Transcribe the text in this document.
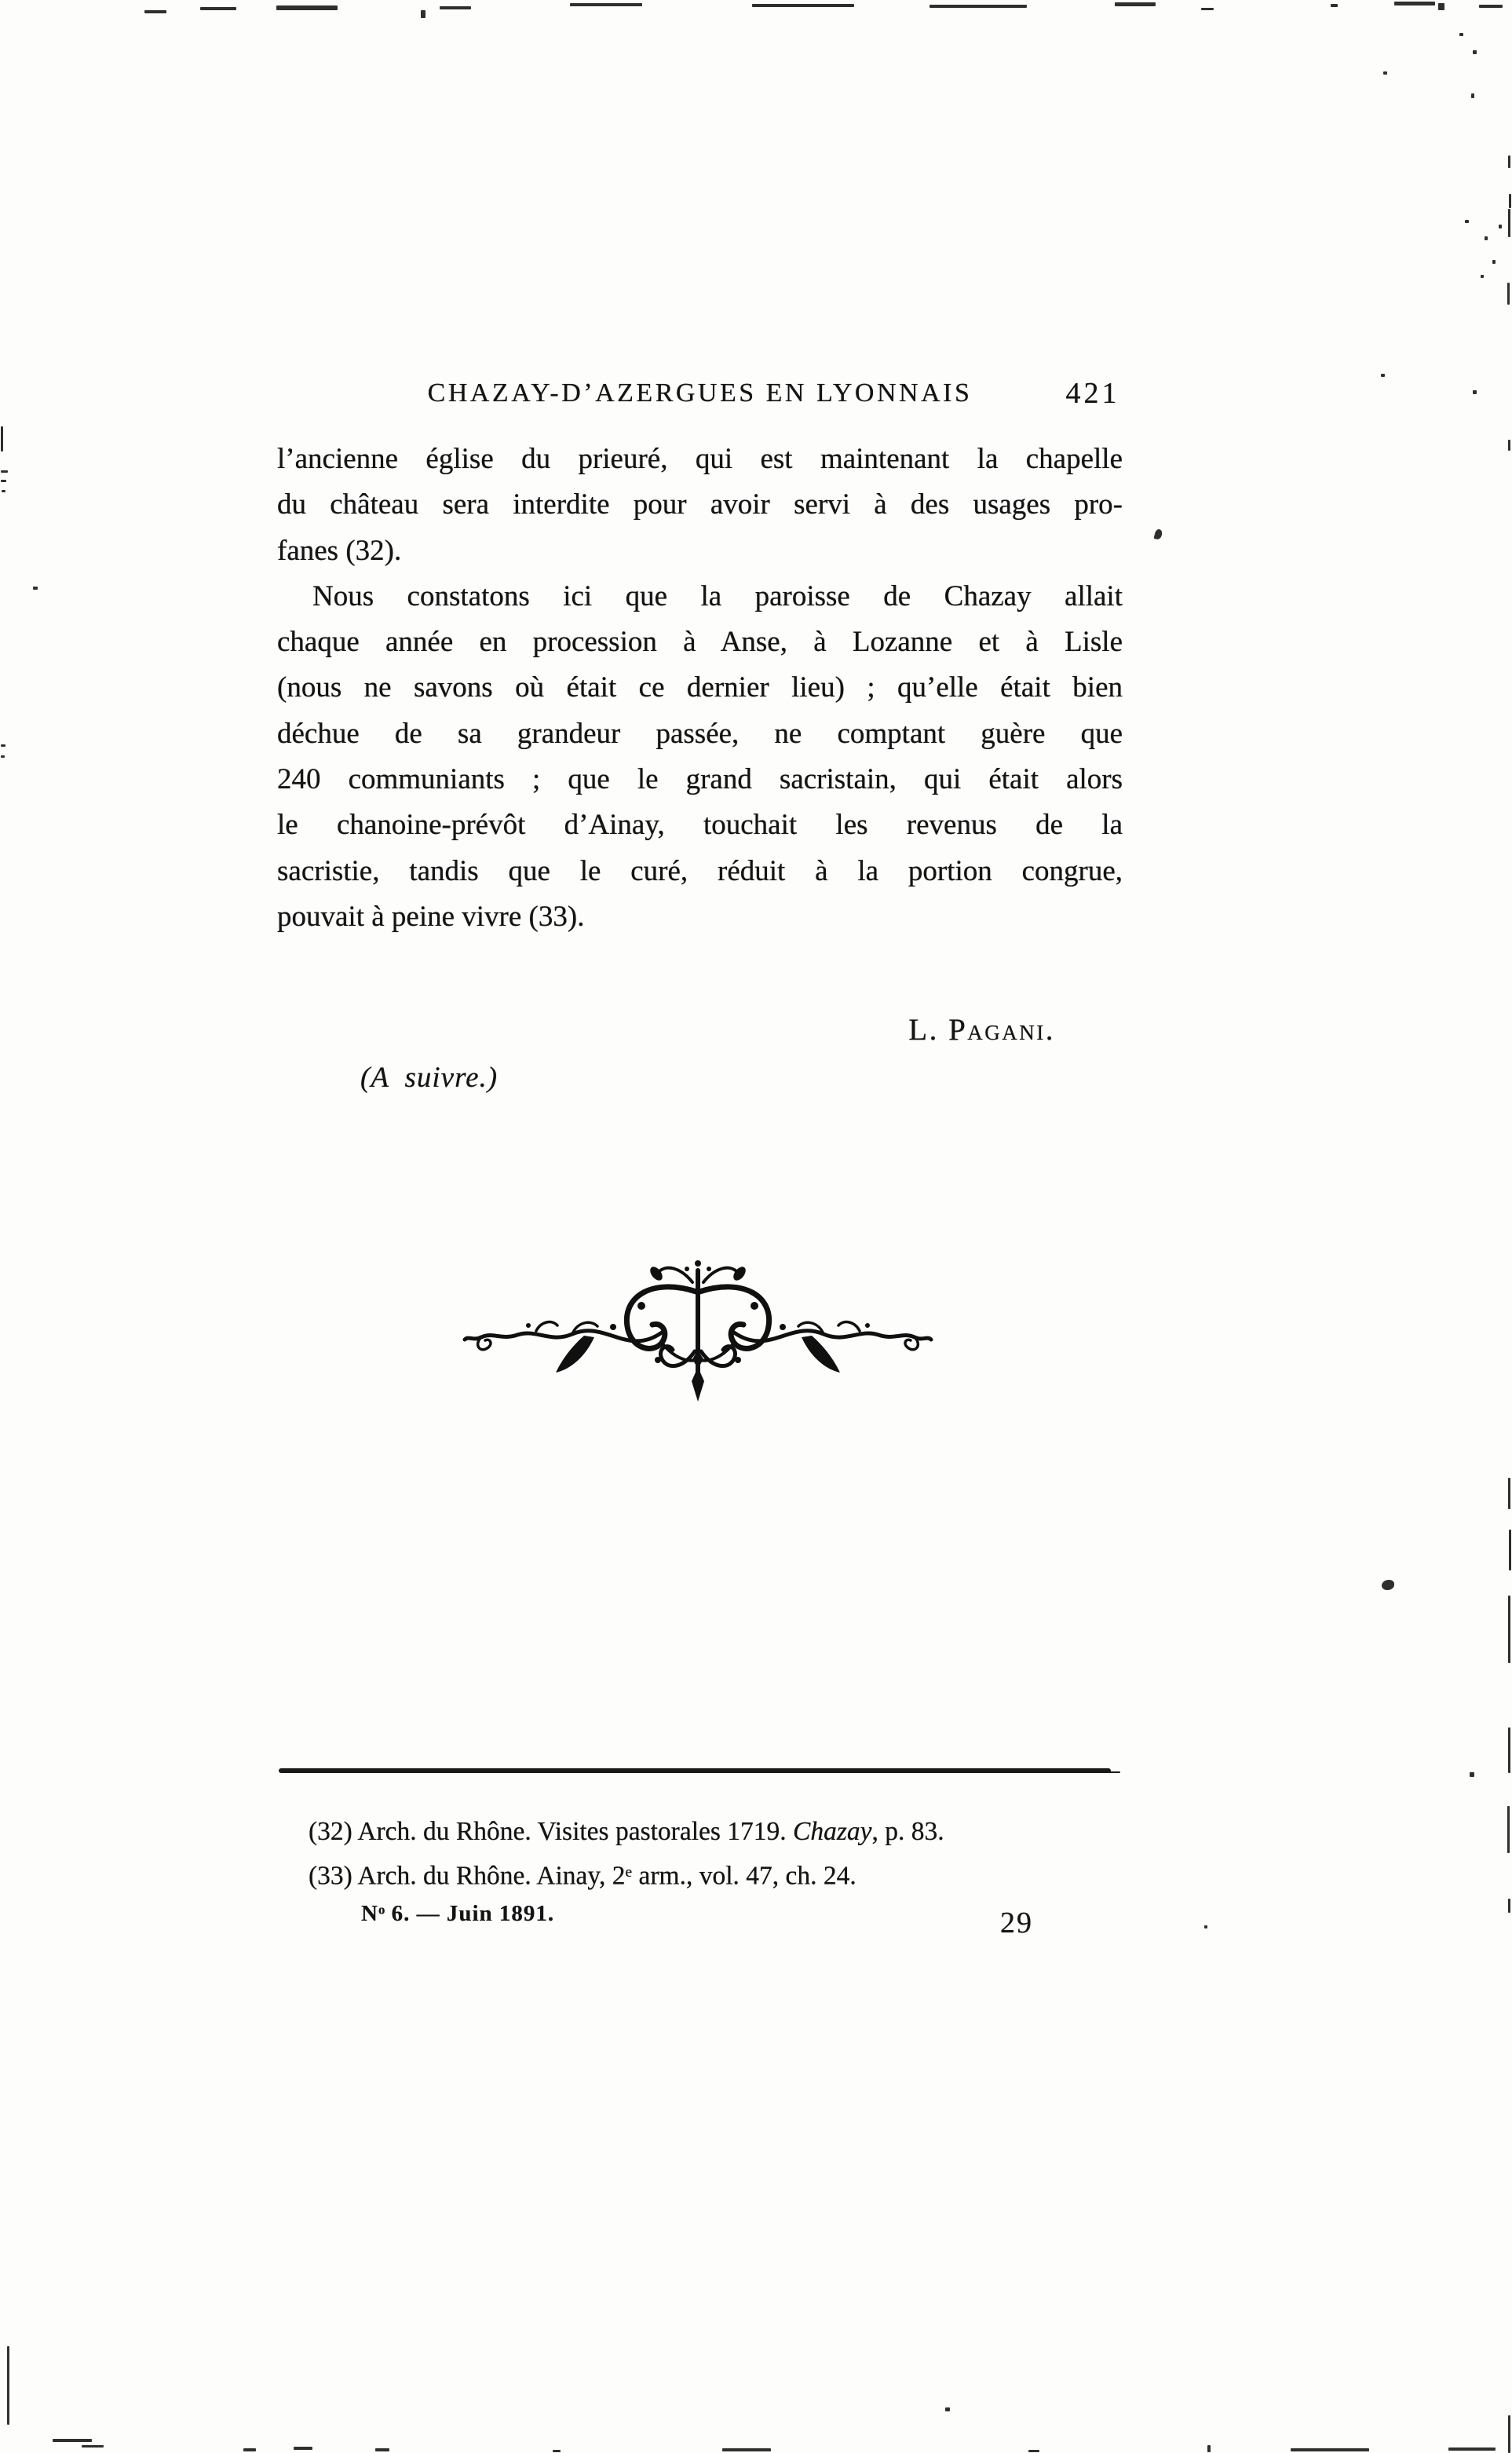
CHAZAY-D’AZERGUES EN LYONNAIS	421
l’ancienne église du prieuré, qui est maintenant la chapelle
du château sera interdite pour avoir servi à des usages pro-
fanes (32).
Nous constatons ici que la paroisse de Chazay allait
chaque année en procession à Anse, à Lozanne et à Lisle
(nous ne savons où était ce dernier lieu) ; qu’elle était bien
déchue de sa grandeur passée, ne comptant guère que
240 communiants ; que le grand sacristain, qui était alors
le chanoine-prévôt d’Ainay, touchait les revenus de la
sacristie, tandis que le curé, réduit à la portion congrue,
pouvait à peine vivre (33).
L. Pagani.
(A suivre.)
(32) Arch. du Rhône. Visites pastorales 1719. Chazay, p. 83.
(33) Arch. du Rhône. Ainay, 2e arm., vol. 47, ch. 24.
$N^o$ 6. — Juin 1891.	29
